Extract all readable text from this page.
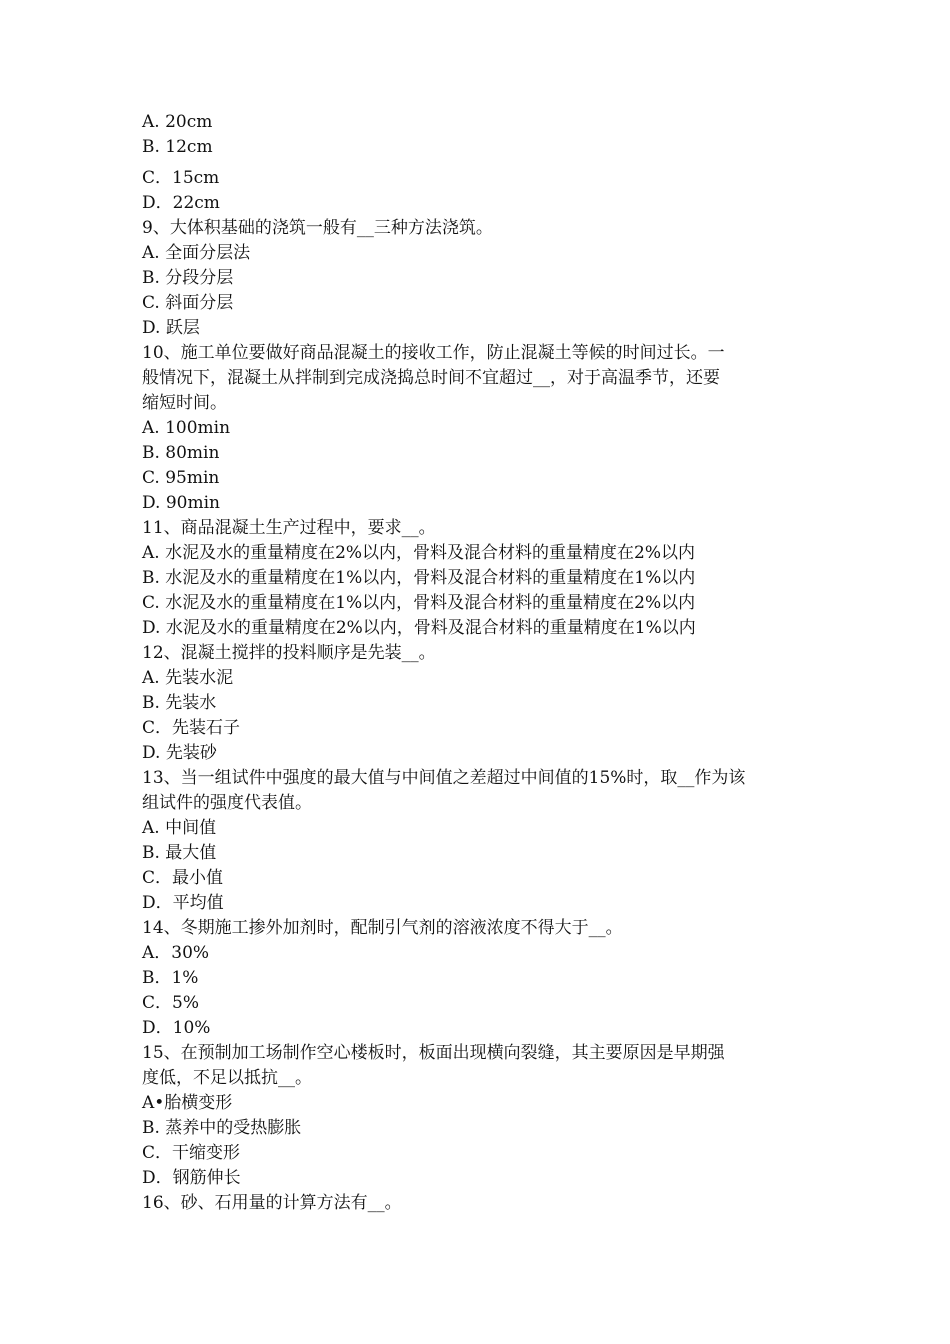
A. 20cm
B. 12cm
C．15cm
D．22cm
9、大体积基础的浇筑一般有__三种方法浇筑。
A. 全面分层法
B. 分段分层
C. 斜面分层
D. 跃层
10、施工单位要做好商品混凝土的接收工作，防止混凝土等候的时间过长。一
般情况下，混凝土从拌制到完成浇捣总时间不宜超过__，对于高温季节，还要
缩短时间。
A. 100min
B. 80min
C. 95min
D. 90min
11、商品混凝土生产过程中，要求__。
A. 水泥及水的重量精度在2%以内，骨料及混合材料的重量精度在2%以内
B. 水泥及水的重量精度在1%以内，骨料及混合材料的重量精度在1%以内
C. 水泥及水的重量精度在1%以内，骨料及混合材料的重量精度在2%以内
D. 水泥及水的重量精度在2%以内，骨料及混合材料的重量精度在1%以内
12、混凝土搅拌的投料顺序是先装__。
A. 先装水泥
B. 先装水
C．先装石子
D. 先装砂
13、当一组试件中强度的最大值与中间值之差超过中间值的15%时，取__作为该
组试件的强度代表值。
A. 中间值
B. 最大值
C．最小值
D．平均值
14、冬期施工掺外加剂时，配制引气剂的溶液浓度不得大于__。
A．30%
B．1%
C．5%
D．10%
15、在预制加工场制作空心楼板时，板面出现横向裂缝，其主要原因是早期强
度低，不足以抵抗__。
A•胎横变形
B. 蒸养中的受热膨胀
C．干缩变形
D．钢筋伸长
16、砂、石用量的计算方法有__。
